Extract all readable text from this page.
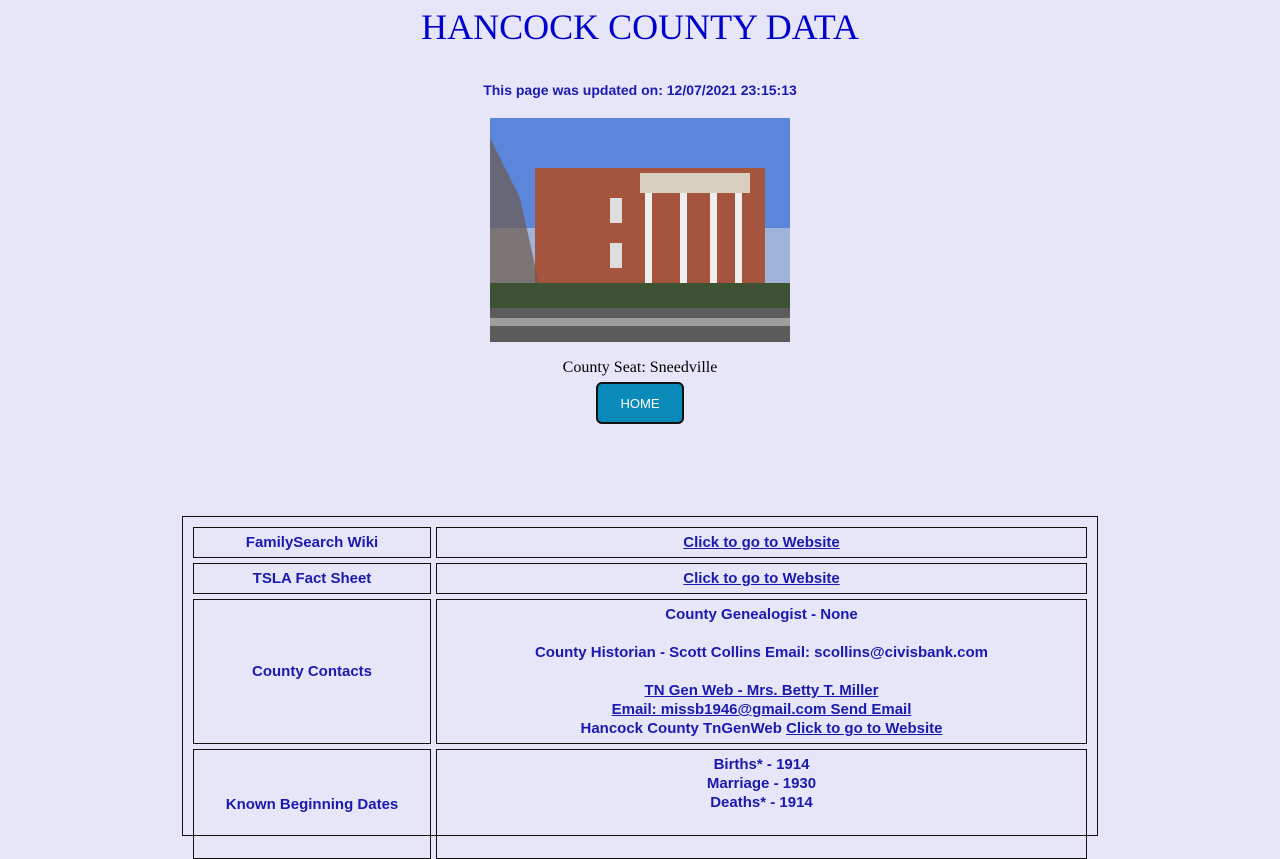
HANCOCK COUNTY DATA
This page was updated on: 12/07/2021 23:15:13
County Seat: Sneedville
HOME
FamilySearch Wiki	Click to go to Website
TSLA Fact Sheet	Click to go to Website
County Contacts
County Genealogist - None
County Historian - Scott Collins Email: scollins@civisbank.com
TN Gen Web - Mrs. Betty T. Miller
Email: missb1946@gmail.com Send Email
Hancock County TnGenWeb Click to go to Website
Known Beginning Dates
Births* - 1914
Marriage - 1930
Deaths* - 1914
